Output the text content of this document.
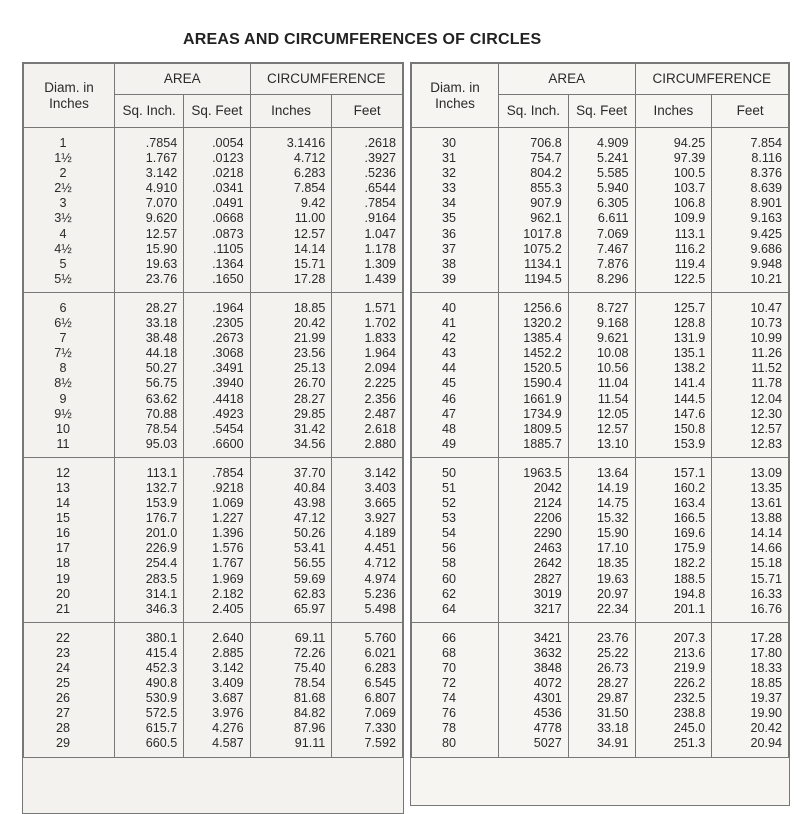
AREAS AND CIRCUMFERENCES OF CIRCLES
Diam. in Inches	AREA		CIRCUMFERENCE	
	Sq. Inch.	Sq. Feet	Inches	Feet
1	.7854	.0054	3.1416	.2618
1½	1.767	.0123	4.712	.3927
2	3.142	.0218	6.283	.5236
2½	4.910	.0341	7.854	.6544
3	7.070	.0491	9.42	.7854
3½	9.620	.0668	11.00	.9164
4	12.57	.0873	12.57	1.047
4½	15.90	.1105	14.14	1.178
5	19.63	.1364	15.71	1.309
5½	23.76	.1650	17.28	1.439
6	28.27	.1964	18.85	1.571
6½	33.18	.2305	20.42	1.702
7	38.48	.2673	21.99	1.833
7½	44.18	.3068	23.56	1.964
8	50.27	.3491	25.13	2.094
8½	56.75	.3940	26.70	2.225
9	63.62	.4418	28.27	2.356
9½	70.88	.4923	29.85	2.487
10	78.54	.5454	31.42	2.618
11	95.03	.6600	34.56	2.880
12	113.1	.7854	37.70	3.142
13	132.7	.9218	40.84	3.403
14	153.9	1.069	43.98	3.665
15	176.7	1.227	47.12	3.927
16	201.0	1.396	50.26	4.189
17	226.9	1.576	53.41	4.451
18	254.4	1.767	56.55	4.712
19	283.5	1.969	59.69	4.974
20	314.1	2.182	62.83	5.236
21	346.3	2.405	65.97	5.498
22	380.1	2.640	69.11	5.760
23	415.4	2.885	72.26	6.021
24	452.3	3.142	75.40	6.283
25	490.8	3.409	78.54	6.545
26	530.9	3.687	81.68	6.807
27	572.5	3.976	84.82	7.069
28	615.7	4.276	87.96	7.330
29	660.5	4.587	91.11	7.592
Diam. in Inches	AREA		CIRCUMFERENCE	
	Sq. Inch.	Sq. Feet	Inches	Feet
30	706.8	4.909	94.25	7.854
31	754.7	5.241	97.39	8.116
32	804.2	5.585	100.5	8.376
33	855.3	5.940	103.7	8.639
34	907.9	6.305	106.8	8.901
35	962.1	6.611	109.9	9.163
36	1017.8	7.069	113.1	9.425
37	1075.2	7.467	116.2	9.686
38	1134.1	7.876	119.4	9.948
39	1194.5	8.296	122.5	10.21
40	1256.6	8.727	125.7	10.47
41	1320.2	9.168	128.8	10.73
42	1385.4	9.621	131.9	10.99
43	1452.2	10.08	135.1	11.26
44	1520.5	10.56	138.2	11.52
45	1590.4	11.04	141.4	11.78
46	1661.9	11.54	144.5	12.04
47	1734.9	12.05	147.6	12.30
48	1809.5	12.57	150.8	12.57
49	1885.7	13.10	153.9	12.83
50	1963.5	13.64	157.1	13.09
51	2042	14.19	160.2	13.35
52	2124	14.75	163.4	13.61
53	2206	15.32	166.5	13.88
54	2290	15.90	169.6	14.14
56	2463	17.10	175.9	14.66
58	2642	18.35	182.2	15.18
60	2827	19.63	188.5	15.71
62	3019	20.97	194.8	16.33
64	3217	22.34	201.1	16.76
66	3421	23.76	207.3	17.28
68	3632	25.22	213.6	17.80
70	3848	26.73	219.9	18.33
72	4072	28.27	226.2	18.85
74	4301	29.87	232.5	19.37
76	4536	31.50	238.8	19.90
78	4778	33.18	245.0	20.42
80	5027	34.91	251.3	20.94
